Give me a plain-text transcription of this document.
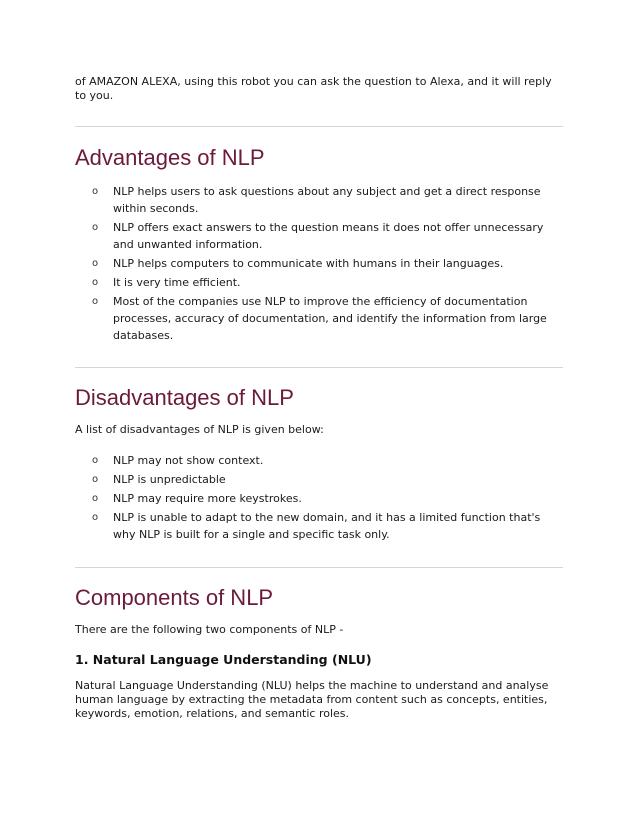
of AMAZON ALEXA, using this robot you can ask the question to Alexa, and it will reply to you.

Advantages of NLP
o NLP helps users to ask questions about any subject and get a direct response within seconds.
o NLP offers exact answers to the question means it does not offer unnecessary and unwanted information.
o NLP helps computers to communicate with humans in their languages.
o It is very time efficient.
o Most of the companies use NLP to improve the efficiency of documentation processes, accuracy of documentation, and identify the information from large databases.
Disadvantages of NLP

A list of disadvantages of NLP is given below:

o NLP may not show context.
o NLP is unpredictable
o NLP may require more keystrokes.
o NLP is unable to adapt to the new domain, and it has a limited function that's why NLP is built for a single and specific task only.
Components of NLP

There are the following two components of NLP -

1. Natural Language Understanding (NLU)

Natural Language Understanding (NLU) helps the machine to understand and analyse human language by extracting the metadata from content such as concepts, entities, keywords, emotion, relations, and semantic roles.
